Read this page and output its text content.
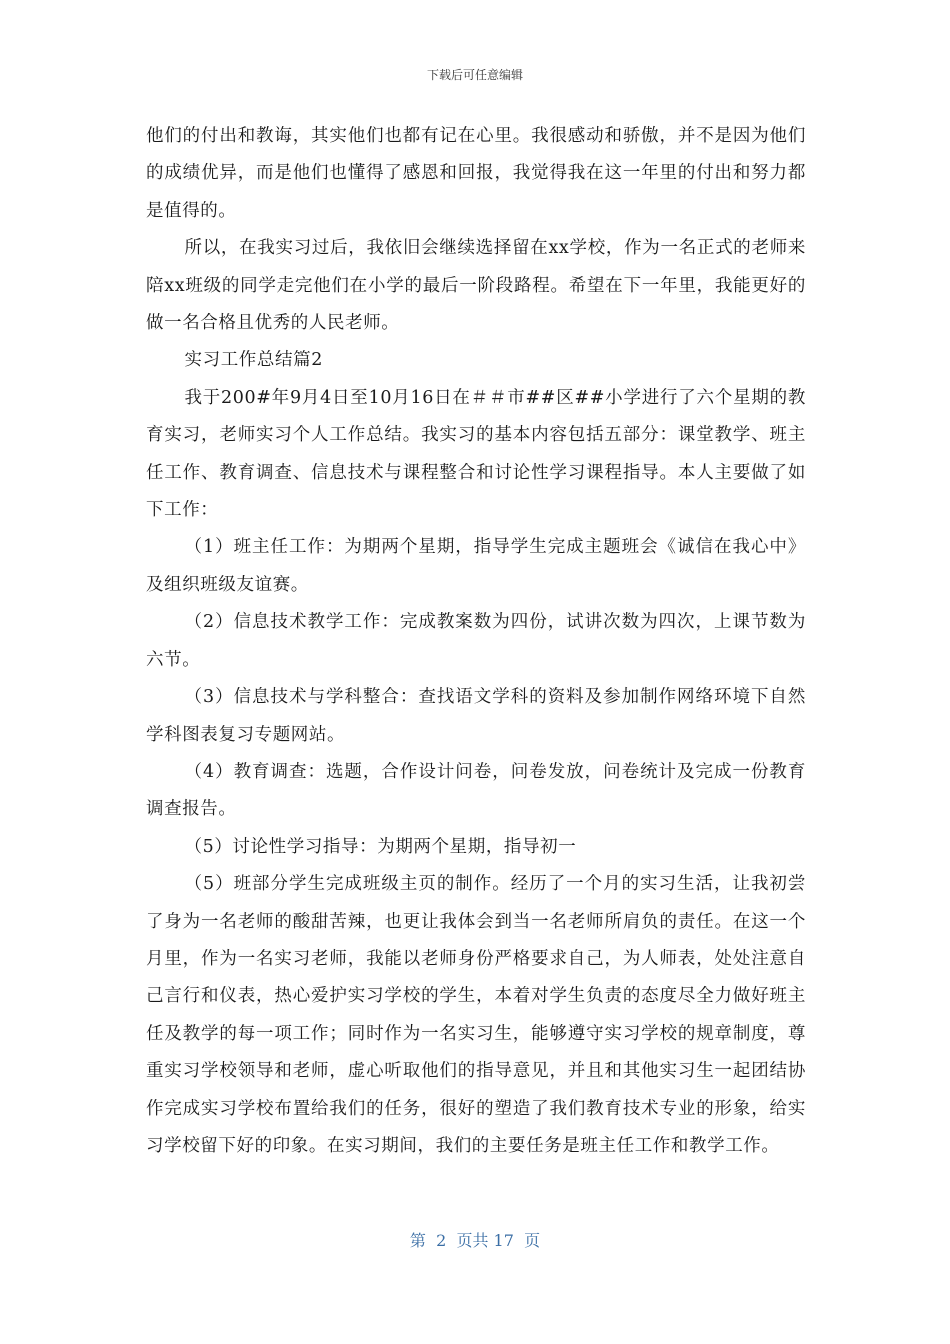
下载后可任意编辑

他们的付出和教诲，其实他们也都有记在心里。我很感动和骄傲，并不是因为他们的成绩优异，而是他们也懂得了感恩和回报，我觉得我在这一年里的付出和努力都是值得的。

所以，在我实习过后，我依旧会继续选择留在xx学校，作为一名正式的老师来陪xx班级的同学走完他们在小学的最后一阶段路程。希望在下一年里，我能更好的做一名合格且优秀的人民老师。

实习工作总结篇2

我于200#年9月4日至10月16日在＃＃市##区##小学进行了六个星期的教育实习，老师实习个人工作总结。我实习的基本内容包括五部分：课堂教学、班主任工作、教育调查、信息技术与课程整合和讨论性学习课程指导。本人主要做了如下工作：

（1）班主任工作：为期两个星期，指导学生完成主题班会《诚信在我心中》及组织班级友谊赛。

（2）信息技术教学工作：完成教案数为四份，试讲次数为四次，上课节数为六节。

（3）信息技术与学科整合：查找语文学科的资料及参加制作网络环境下自然学科图表复习专题网站。

（4）教育调查：选题，合作设计问卷，问卷发放，问卷统计及完成一份教育调查报告。

（5）讨论性学习指导：为期两个星期，指导初一

（5）班部分学生完成班级主页的制作。经历了一个月的实习生活，让我初尝了身为一名老师的酸甜苦辣，也更让我体会到当一名老师所肩负的责任。在这一个月里，作为一名实习老师，我能以老师身份严格要求自己，为人师表，处处注意自己言行和仪表，热心爱护实习学校的学生，本着对学生负责的态度尽全力做好班主任及教学的每一项工作；同时作为一名实习生，能够遵守实习学校的规章制度，尊重实习学校领导和老师，虚心听取他们的指导意见，并且和其他实习生一起团结协作完成实习学校布置给我们的任务，很好的塑造了我们教育技术专业的形象，给实习学校留下好的印象。在实习期间，我们的主要任务是班主任工作和教学工作。

第  2  页共 17  页
